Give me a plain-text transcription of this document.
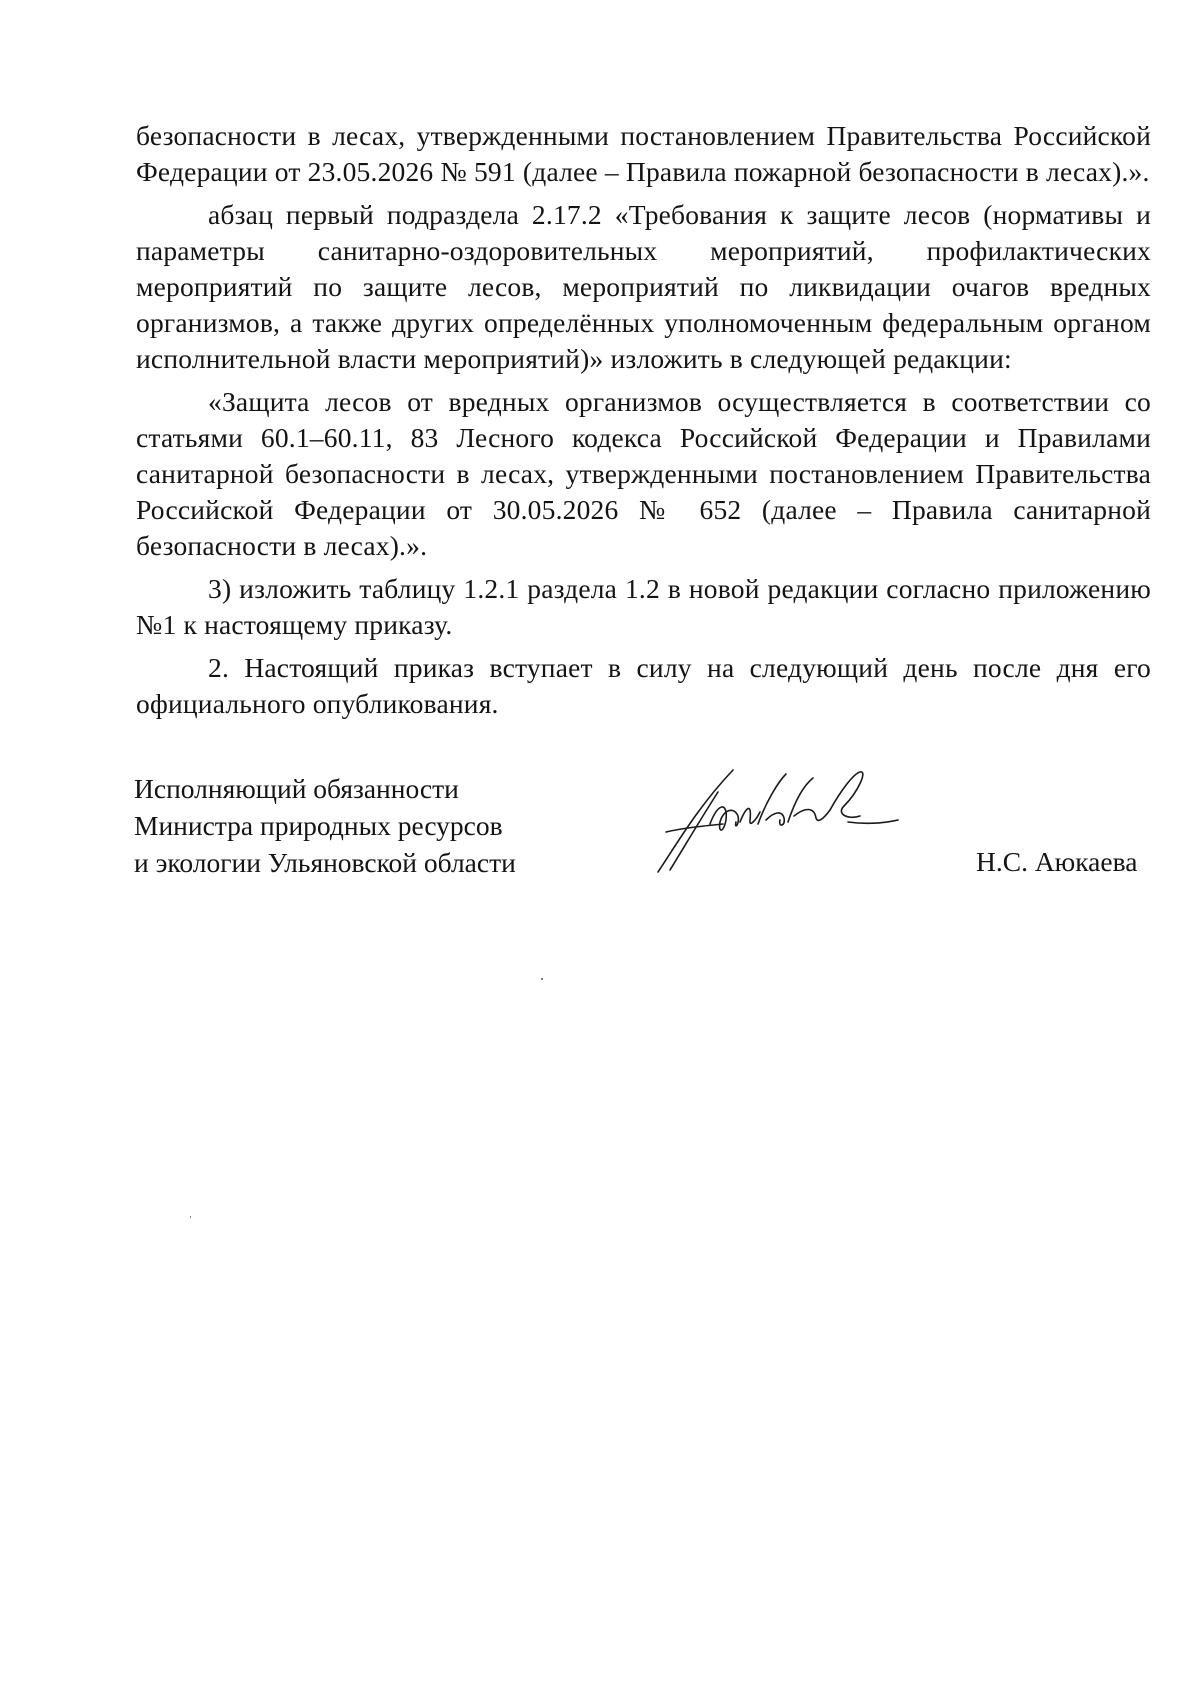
безопасности в лесах, утвержденными постановлением Правительства Российской Федерации от 23.05.2026 № 591 (далее – Правила пожарной безопасности в лесах).».

абзац первый подраздела 2.17.2 «Требования к защите лесов (нормативы и параметры санитарно-оздоровительных мероприятий, профилактических мероприятий по защите лесов, мероприятий по ликвидации очагов вредных организмов, а также других определённых уполномоченным федеральным органом исполнительной власти мероприятий)» изложить в следующей редакции:

«Защита лесов от вредных организмов осуществляется в соответствии со статьями 60.1–60.11, 83 Лесного кодекса Российской Федерации и Правилами санитарной безопасности в лесах, утвержденными постановлением Правительства Российской Федерации от 30.05.2026 № 652 (далее – Правила санитарной безопасности в лесах).».

3) изложить таблицу 1.2.1 раздела 1.2 в новой редакции согласно приложению №1 к настоящему приказу.

2. Настоящий приказ вступает в силу на следующий день после дня его официального опубликования.

Исполняющий обязанности
Министра природных ресурсов
и экологии Ульяновской области	Н.С. Аюкаева
